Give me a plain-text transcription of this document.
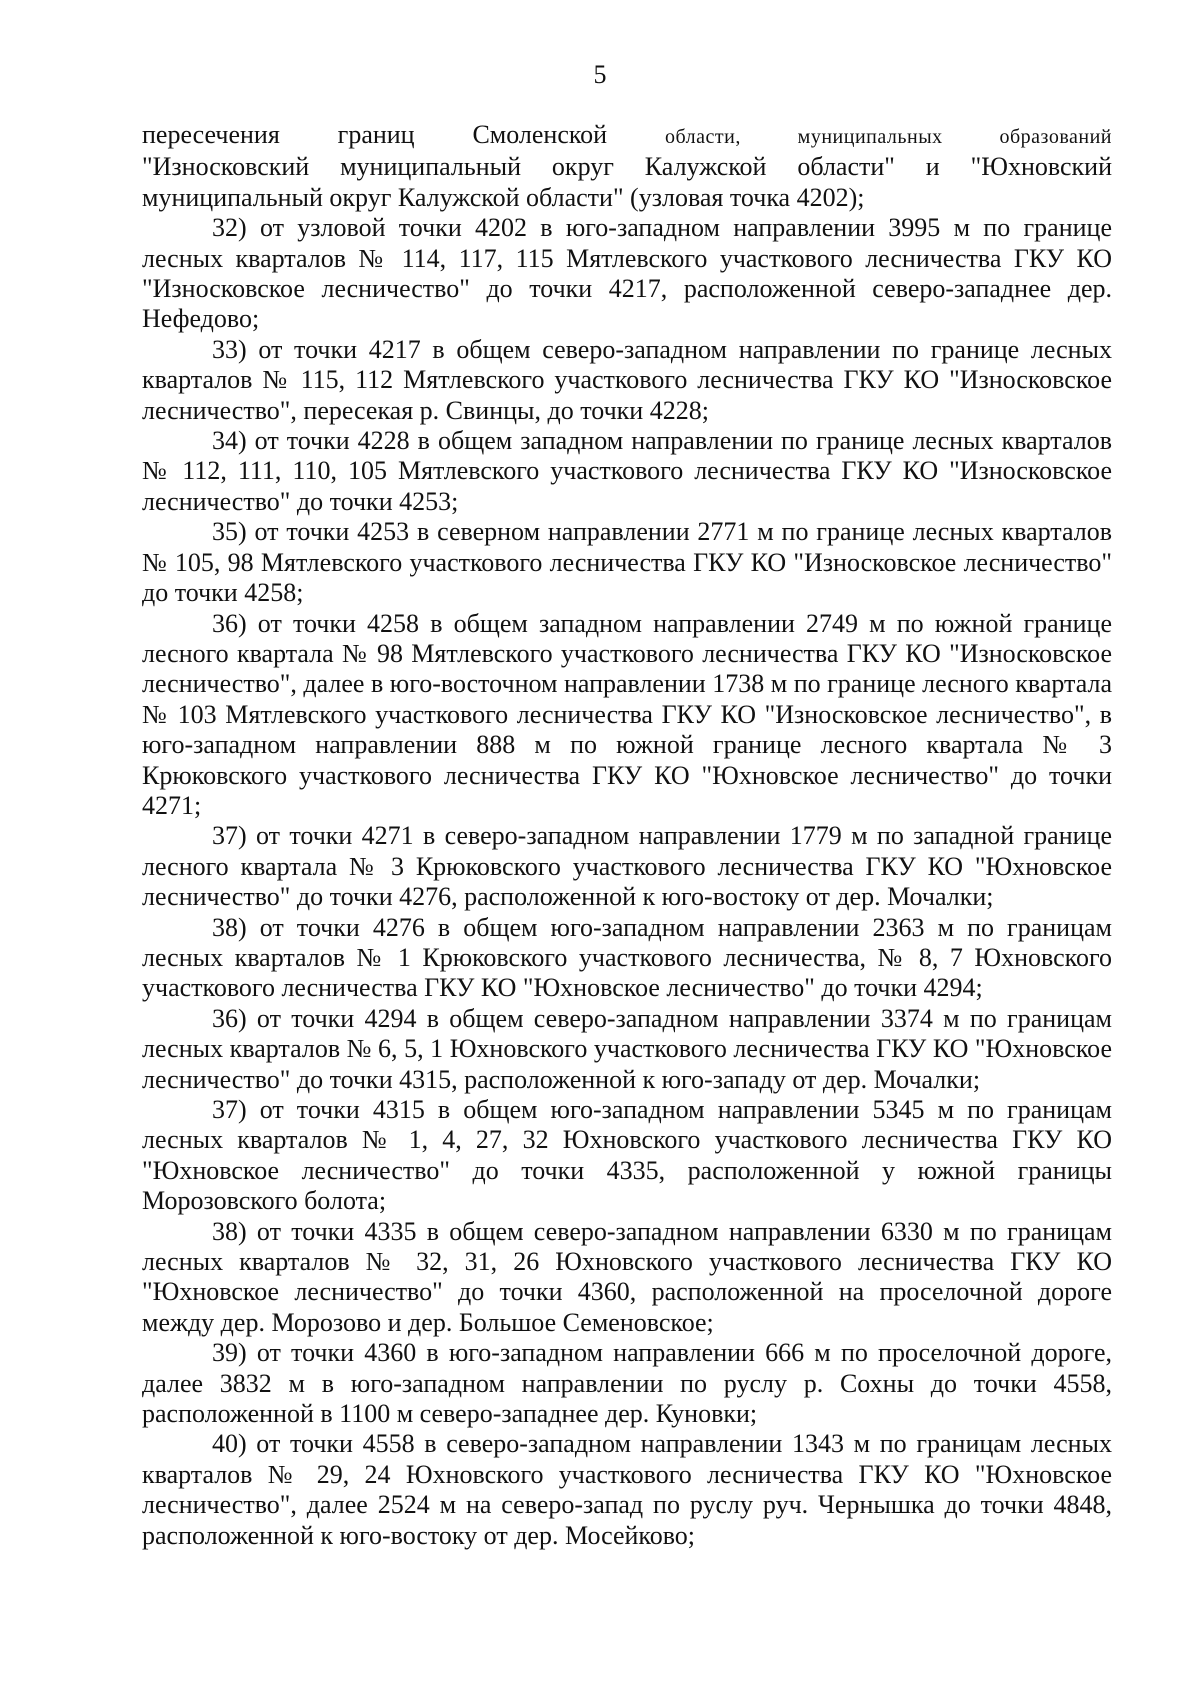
5

пересечения границ Смоленской области, муниципальных образований
"Износковский муниципальный округ Калужской области" и "Юхновский муниципальный округ Калужской области" (узловая точка 4202);

32) от узловой точки 4202 в юго-западном направлении 3995 м по границе лесных кварталов № 114, 117, 115 Мятлевского участкового лесничества ГКУ КО "Износковское лесничество" до точки 4217, расположенной северо-западнее дер. Нефедово;

33) от точки 4217 в общем северо-западном направлении по границе лесных кварталов № 115, 112 Мятлевского участкового лесничества ГКУ КО "Износковское лесничество", пересекая р. Свинцы, до точки 4228;

34) от точки 4228 в общем западном направлении по границе лесных кварталов № 112, 111, 110, 105 Мятлевского участкового лесничества ГКУ КО "Износковское лесничество" до точки 4253;

35) от точки 4253 в северном направлении 2771 м по границе лесных кварталов № 105, 98 Мятлевского участкового лесничества ГКУ КО "Износковское лесничество" до точки 4258;

36) от точки 4258 в общем западном направлении 2749 м по южной границе лесного квартала № 98 Мятлевского участкового лесничества ГКУ КО "Износковское лесничество", далее в юго-восточном направлении 1738 м по границе лесного квартала № 103 Мятлевского участкового лесничества ГКУ КО "Износковское лесничество", в юго-западном направлении 888 м по южной границе лесного квартала № 3 Крюковского участкового лесничества ГКУ КО "Юхновское лесничество" до точки 4271;

37) от точки 4271 в северо-западном направлении 1779 м по западной границе лесного квартала № 3 Крюковского участкового лесничества ГКУ КО "Юхновское лесничество" до точки 4276, расположенной к юго-востоку от дер. Мочалки;

38) от точки 4276 в общем юго-западном направлении 2363 м по границам лесных кварталов № 1 Крюковского участкового лесничества, № 8, 7 Юхновского участкового лесничества ГКУ КО "Юхновское лесничество" до точки 4294;

36) от точки 4294 в общем северо-западном направлении 3374 м по границам лесных кварталов № 6, 5, 1 Юхновского участкового лесничества ГКУ КО "Юхновское лесничество" до точки 4315, расположенной к юго-западу от дер. Мочалки;

37) от точки 4315 в общем юго-западном направлении 5345 м по границам лесных кварталов № 1, 4, 27, 32 Юхновского участкового лесничества ГКУ КО "Юхновское лесничество" до точки 4335, расположенной у южной границы Морозовского болота;

38) от точки 4335 в общем северо-западном направлении 6330 м по границам лесных кварталов № 32, 31, 26 Юхновского участкового лесничества ГКУ КО "Юхновское лесничество" до точки 4360, расположенной на проселочной дороге между дер. Морозово и дер. Большое Семеновское;

39) от точки 4360 в юго-западном направлении 666 м по проселочной дороге, далее 3832 м в юго-западном направлении по руслу р. Сохны до точки 4558, расположенной в 1100 м северо-западнее дер. Куновки;

40) от точки 4558 в северо-западном направлении 1343 м по границам лесных кварталов № 29, 24 Юхновского участкового лесничества ГКУ КО "Юхновское лесничество", далее 2524 м на северо-запад по руслу руч. Чернышка до точки 4848, расположенной к юго-востоку от дер. Мосейково;
